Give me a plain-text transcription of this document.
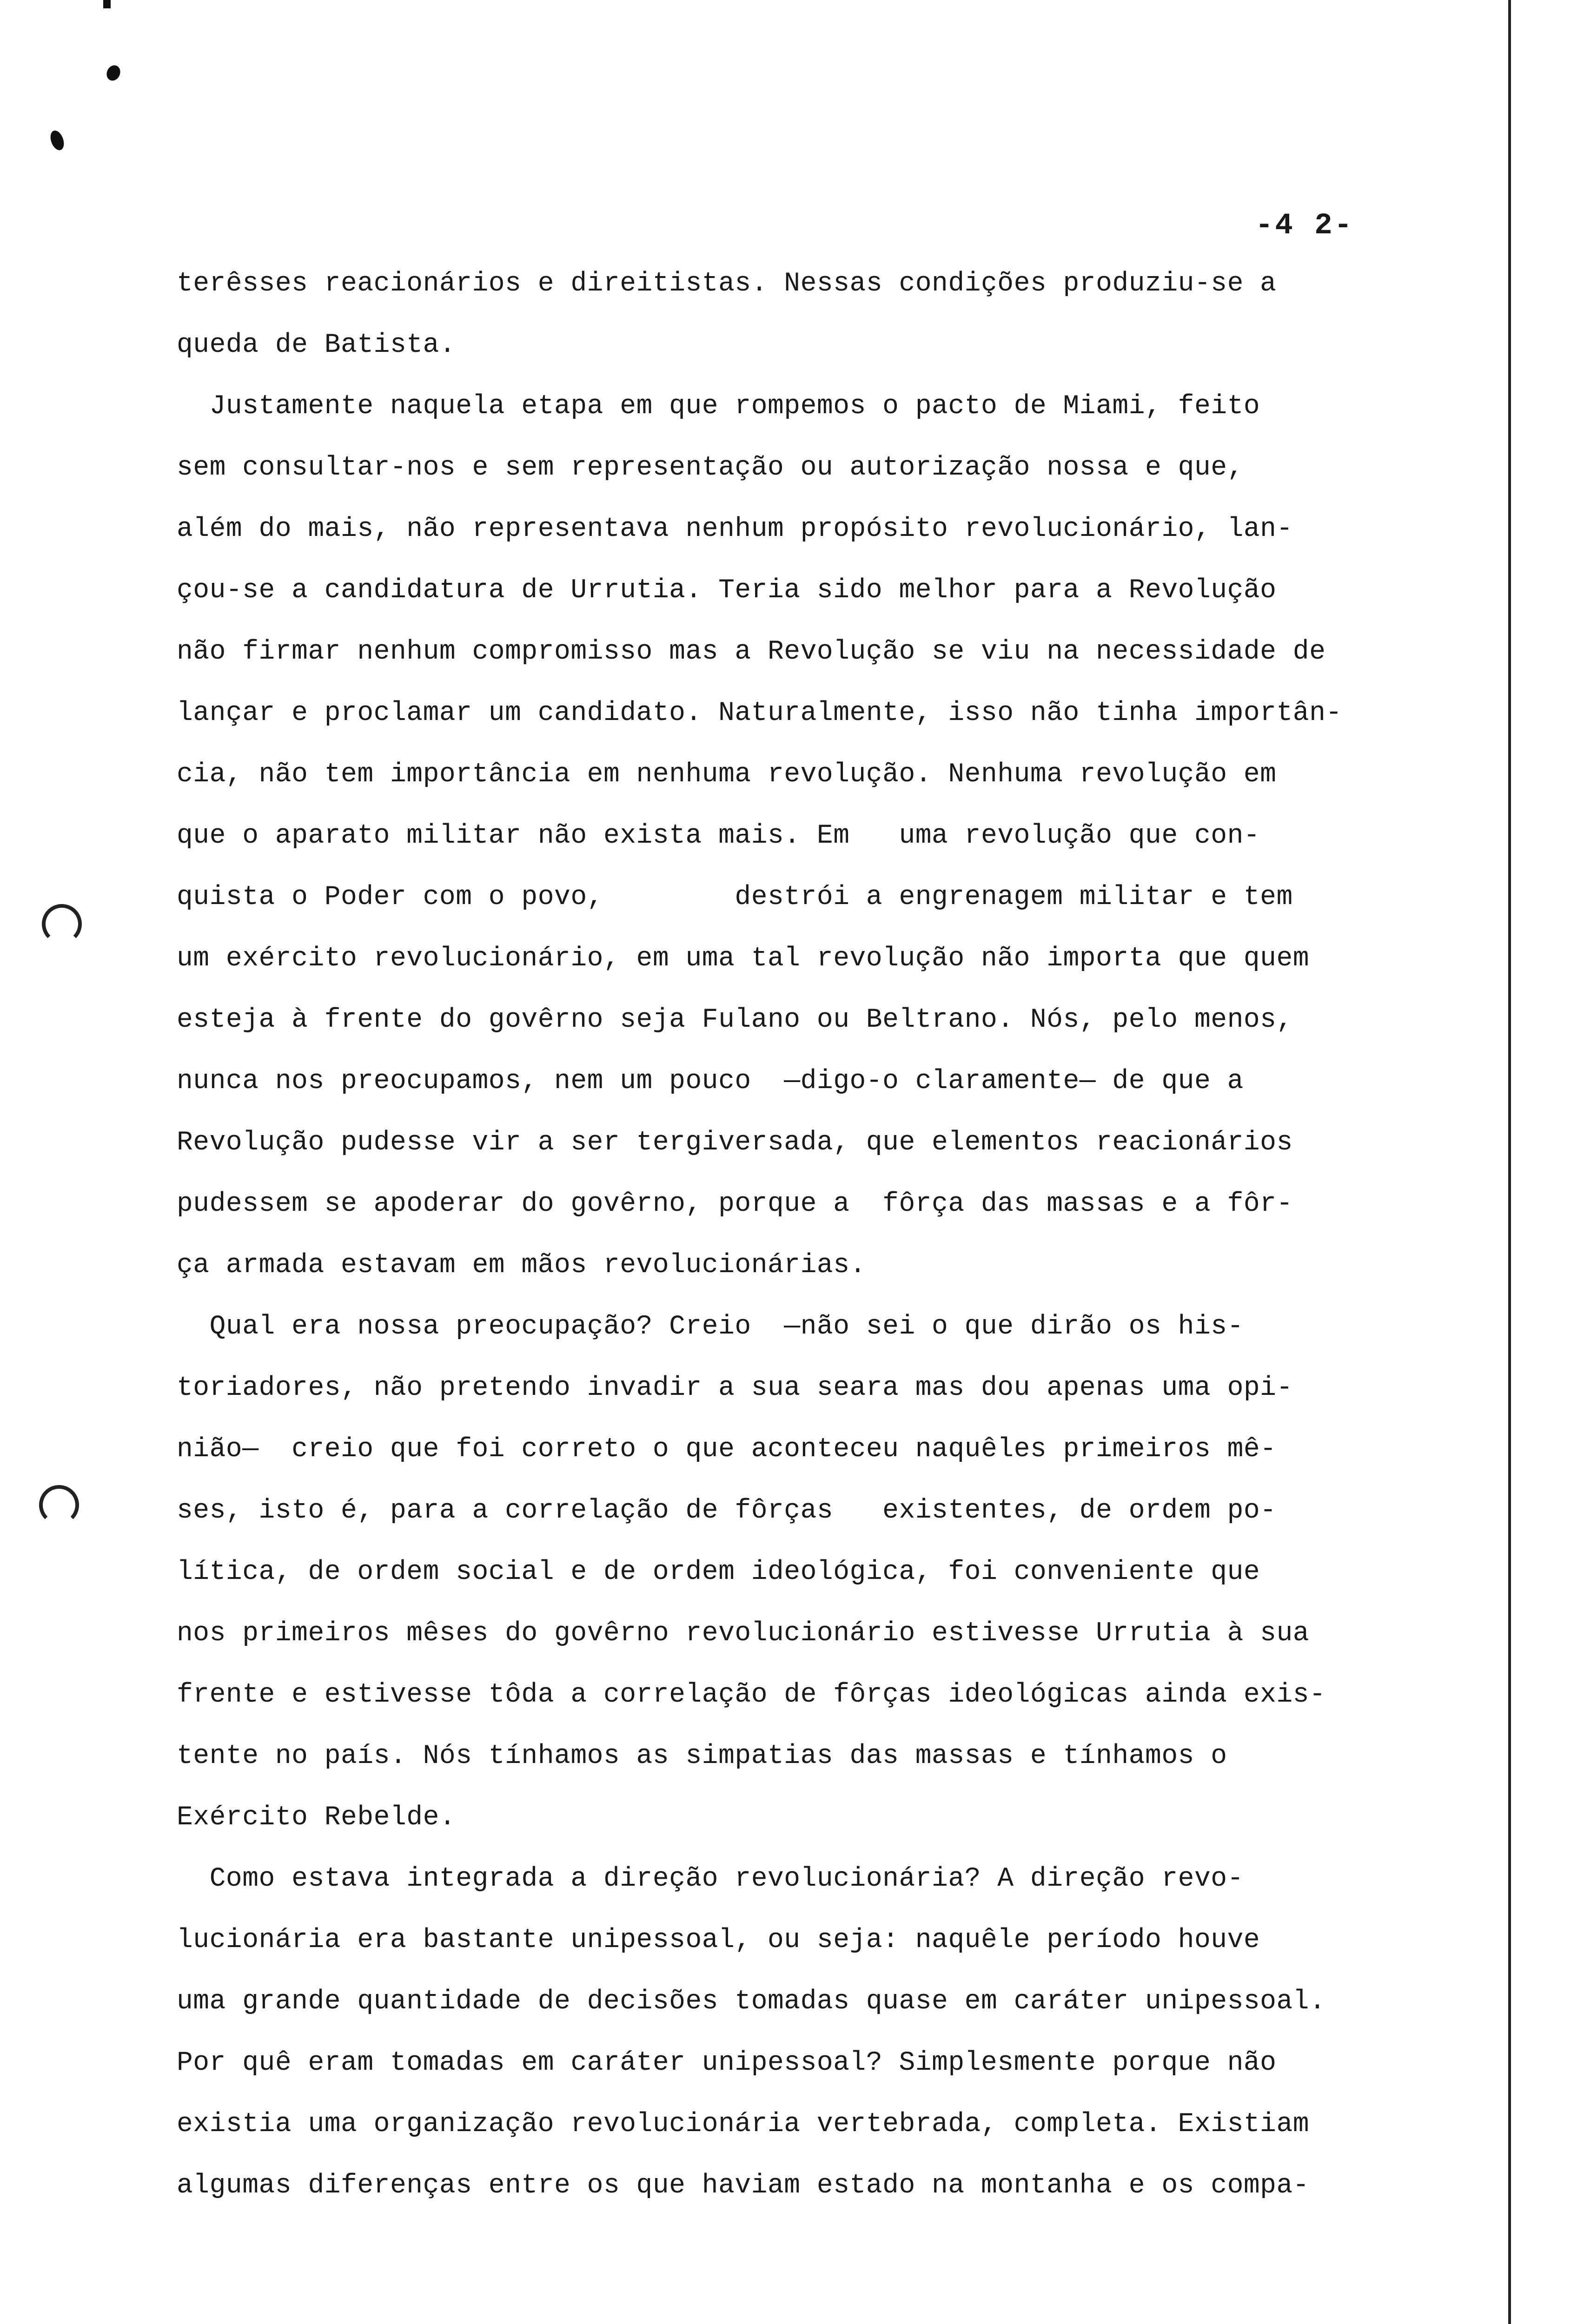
-4 2-
terêsses reacionários e direitistas. Nessas condições produziu-se a
queda de Batista.
Justamente naquela etapa em que rompemos o pacto de Miami, feito
sem consultar-nos e sem representação ou autorização nossa e que,
além do mais, não representava nenhum propósito revolucionário, lan-
çou-se a candidatura de Urrutia. Teria sido melhor para a Revolução
não firmar nenhum compromisso mas a Revolução se viu na necessidade de
lançar e proclamar um candidato. Naturalmente, isso não tinha importân-
cia, não tem importância em nenhuma revolução. Nenhuma revolução em
que o aparato militar não exista mais. Em   uma revolução que con-
quista o Poder com o povo,        destrói a engrenagem militar e tem
um exército revolucionário, em uma tal revolução não importa que quem
esteja à frente do govêrno seja Fulano ou Beltrano. Nós, pelo menos,
nunca nos preocupamos, nem um pouco  —digo-o claramente— de que a
Revolução pudesse vir a ser tergiversada, que elementos reacionários
pudessem se apoderar do govêrno, porque a  fôrça das massas e a fôr-
ça armada estavam em mãos revolucionárias.
Qual era nossa preocupação? Creio  —não sei o que dirão os his-
toriadores, não pretendo invadir a sua seara mas dou apenas uma opi-
nião—  creio que foi correto o que aconteceu naquêles primeiros mê-
ses, isto é, para a correlação de fôrças   existentes, de ordem po-
lítica, de ordem social e de ordem ideológica, foi conveniente que
nos primeiros mêses do govêrno revolucionário estivesse Urrutia à sua
frente e estivesse tôda a correlação de fôrças ideológicas ainda exis-
tente no país. Nós tínhamos as simpatias das massas e tínhamos o
Exército Rebelde.
Como estava integrada a direção revolucionária? A direção revo-
lucionária era bastante unipessoal, ou seja: naquêle período houve
uma grande quantidade de decisões tomadas quase em caráter unipessoal.
Por quê eram tomadas em caráter unipessoal? Simplesmente porque não
existia uma organização revolucionária vertebrada, completa. Existiam
algumas diferenças entre os que haviam estado na montanha e os compa-
